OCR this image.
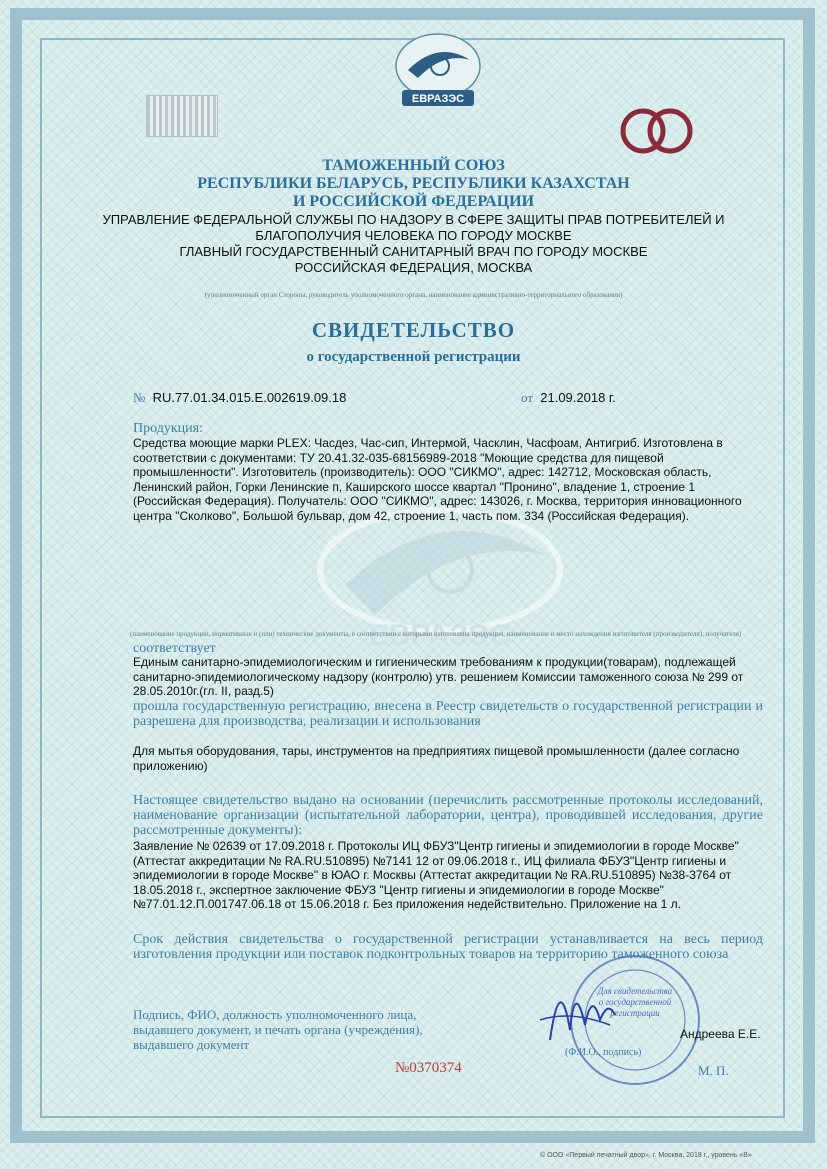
ЕВРАЗЭС
ТАМОЖЕННЫЙ СОЮЗ
РЕСПУБЛИКИ БЕЛАРУСЬ, РЕСПУБЛИКИ КАЗАХСТАН
И РОССИЙСКОЙ ФЕДЕРАЦИИ
УПРАВЛЕНИЕ ФЕДЕРАЛЬНОЙ СЛУЖБЫ ПО НАДЗОРУ В СФЕРЕ ЗАЩИТЫ ПРАВ ПОТРЕБИТЕЛЕЙ И
БЛАГОПОЛУЧИЯ ЧЕЛОВЕКА ПО ГОРОДУ МОСКВЕ
ГЛАВНЫЙ ГОСУДАРСТВЕННЫЙ САНИТАРНЫЙ ВРАЧ ПО ГОРОДУ МОСКВЕ
РОССИЙСКАЯ ФЕДЕРАЦИЯ, МОСКВА
(уполномоченный орган Стороны, руководитель уполномоченного органа, наименование административно-территориального образования)
СВИДЕТЕЛЬСТВО
о государственной регистрации
№ RU.77.01.34.015.E.002619.09.18	от 21.09.2018 г.
ЕВРАЗЭС
Продукция:
Средства моющие марки PLEX: Часдез, Час-сип, Интермой, Часклин, Часфоам, Антигриб. Изготовлена в соответствии с документами: ТУ 20.41.32-035-68156989-2018 "Моющие средства для пищевой промышленности". Изготовитель (производитель): ООО "СИКМО", адрес: 142712, Московская область, Ленинский район, Горки Ленинские п, Каширского шоссе квартал "Пронино", владение 1, строение 1 (Российская Федерация). Получатель: ООО "СИКМО", адрес: 143026, г. Москва, территория инновационного центра "Сколково", Большой бульвар, дом 42, строение 1, часть пом. 334 (Российская Федерация).
(наименование продукции, нормативные и (или) технические документы, в соответствии с которыми изготовлена продукция, наименование и место нахождения изготовителя (производителя), получателя)
соответствует
Единым санитарно-эпидемиологическим и гигиеническим требованиям к продукции(товарам), подлежащей санитарно-эпидемиологическому надзору (контролю) утв. решением Комиссии таможенного союза № 299 от 28.05.2010г.(гл. II, разд.5)
прошла государственную регистрацию, внесена в Реестр свидетельств о государственной регистрации и разрешена для производства, реализации и использования
Для мытья оборудования, тары, инструментов на предприятиях пищевой промышленности (далее согласно приложению)
Настоящее свидетельство выдано на основании (перечислить рассмотренные протоколы исследований, наименование организации (испытательной лаборатории, центра), проводившей исследования, другие рассмотренные документы):
Заявление № 02639 от 17.09.2018 г. Протоколы ИЦ ФБУЗ"Центр гигиены и эпидемиологии в городе Москве" (Аттестат аккредитации № RA.RU.510895) №7141 12 от 09.06.2018 г., ИЦ филиала ФБУЗ"Центр гигиены и эпидемиологии в городе Москве" в ЮАО г. Москвы (Аттестат аккредитации № RA.RU.510895) №38-3764 от 18.05.2018 г., экспертное заключение ФБУЗ "Центр гигиены и эпидемиологии в городе Москве" №77.01.12.П.001747.06.18 от 15.06.2018 г. Без приложения недействительно. Приложение на 1 л.
Срок действия свидетельства о государственной регистрации устанавливается на весь период изготовления продукции или поставок подконтрольных товаров на территорию таможенного союза
Подпись, ФИО, должность уполномоченного лица,
выдавшего документ, и печать органа (учреждения),
выдавшего документ
Для свидетельства о государственной регистрации
Андреева Е.Е.
(Ф.И.О., подпись)
М. П.
№0370374
© ООО «Первый печатный двор», г. Москва, 2018 г., уровень «В»
